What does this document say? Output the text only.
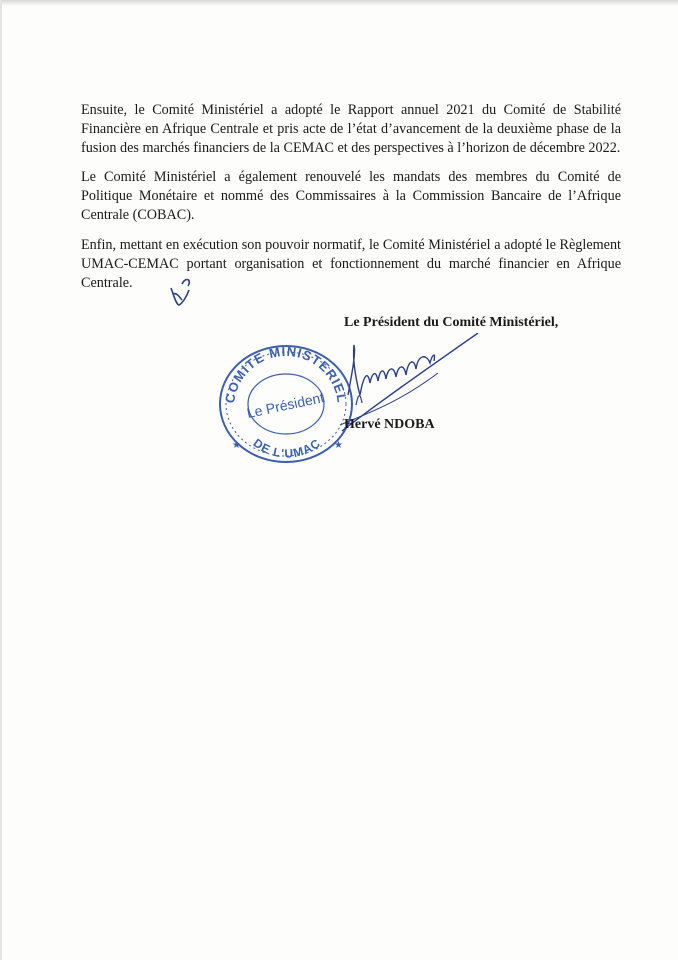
Ensuite, le Comité Ministériel a adopté le Rapport annuel 2021 du Comité de Stabilité Financière en Afrique Centrale et pris acte de l’état d’avancement de la deuxième phase de la fusion des marchés financiers de la CEMAC et des perspectives à l’horizon de décembre 2022.

Le Comité Ministériel a également renouvelé les mandats des membres du Comité de Politique Monétaire et nommé des Commissaires à la Commission Bancaire de l’Afrique Centrale (COBAC).

Enfin, mettant en exécution son pouvoir normatif, le Comité Ministériel a adopté le Règlement UMAC-CEMAC portant organisation et fonctionnement du marché financier en Afrique Centrale.

Le Président du Comité Ministériel,
COMITE MINISTERIEL
DE L'UMAC
Le Président
★	★
Hervé NDOBA
